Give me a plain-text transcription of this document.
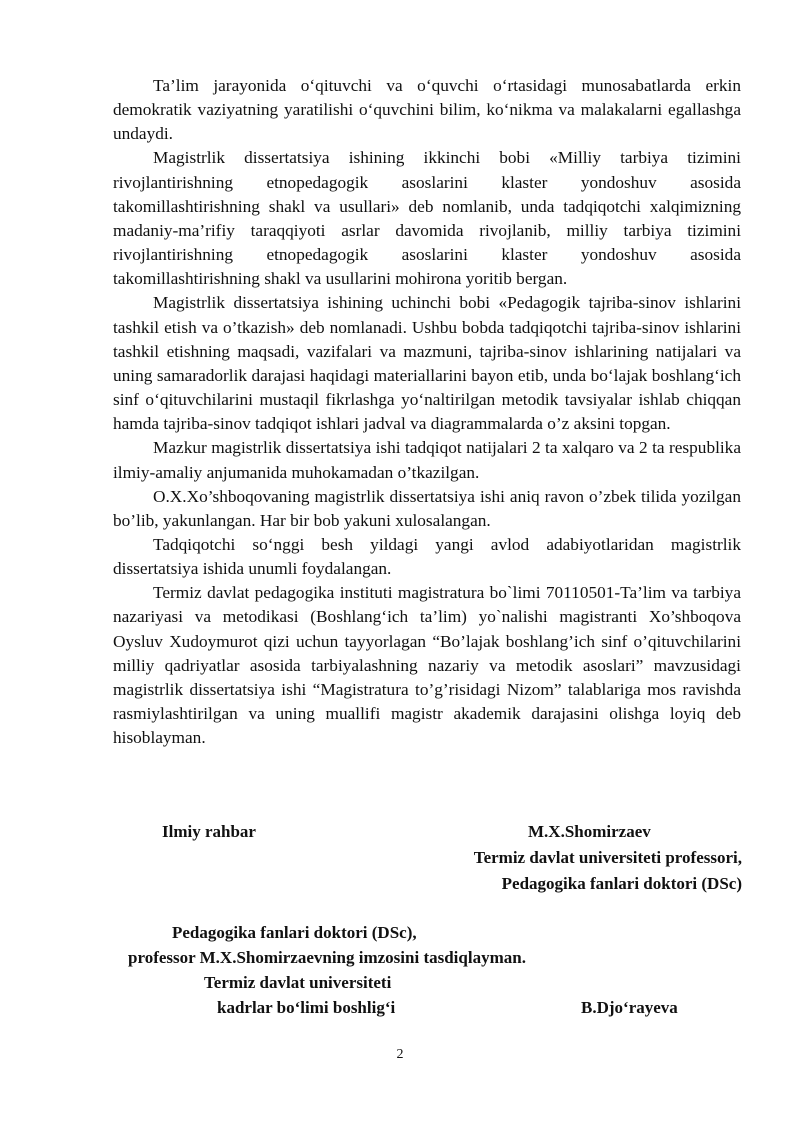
Ta’lim jarayonida o‘qituvchi va o‘quvchi o‘rtasidagi munosabatlarda erkin demokratik vaziyatning yaratilishi o‘quvchini bilim, ko‘nikma va malakalarni egallashga undaydi.

Magistrlik dissertatsiya ishining ikkinchi bobi «Milliy tarbiya tizimini rivojlantirishning etnopedagogik asoslarini klaster yondoshuv asosida takomillashtirishning shakl va usullari» deb nomlanib, unda tadqiqotchi xalqimizning madaniy-ma’rifiy taraqqiyoti asrlar davomida rivojlanib, milliy tarbiya tizimini rivojlantirishning etnopedagogik asoslarini klaster yondoshuv asosida takomillashtirishning shakl va usullarini mohirona yoritib bergan.

Magistrlik dissertatsiya ishining uchinchi bobi «Pedagogik tajriba-sinov ishlarini tashkil etish va o’tkazish» deb nomlanadi. Ushbu bobda tadqiqotchi tajriba-sinov ishlarini tashkil etishning maqsadi, vazifalari va mazmuni, tajriba-sinov ishlarining natijalari va uning samaradorlik darajasi haqidagi materiallarini bayon etib, unda bo‘lajak boshlang‘ich sinf o‘qituvchilarini mustaqil fikrlashga yo‘naltirilgan metodik tavsiyalar ishlab chiqqan hamda tajriba-sinov tadqiqot ishlari jadval va diagrammalarda o’z aksini topgan.

Mazkur magistrlik dissertatsiya ishi tadqiqot natijalari 2 ta xalqaro va 2 ta respublika ilmiy-amaliy anjumanida muhokamadan o’tkazilgan.

O.X.Xo’shboqovaning magistrlik dissertatsiya ishi aniq ravon o’zbek tilida yozilgan bo’lib, yakunlangan. Har bir bob yakuni xulosalangan.

Tadqiqotchi so‘nggi besh yildagi yangi avlod adabiyotlaridan magistrlik dissertatsiya ishida unumli foydalangan.

Termiz davlat pedagogika instituti magistratura bo`limi 70110501-Ta’lim va tarbiya nazariyasi va metodikasi (Boshlang‘ich ta’lim) yo`nalishi magistranti Xo’shboqova Oysluv Xudoymurot qizi uchun tayyorlagan “Bo’lajak boshlang’ich sinf o’qituvchilarini milliy qadriyatlar asosida tarbiyalashning nazariy va metodik asoslari” mavzusidagi magistrlik dissertatsiya ishi “Magistratura to’g’risidagi Nizom” talablariga mos ravishda rasmiylashtirilgan va uning muallifi magistr akademik darajasini olishga loyiq deb hisoblayman.

Ilmiy rahbar	M.X.Shomirzaev
Termiz davlat universiteti professori,
Pedagogika fanlari doktori (DSc)
Pedagogika fanlari doktori (DSc),
professor M.X.Shomirzaevning imzosini tasdiqlayman.
Termiz davlat universiteti
kadrlar bo‘limi boshlig‘i	B.Djo‘rayeva
2
